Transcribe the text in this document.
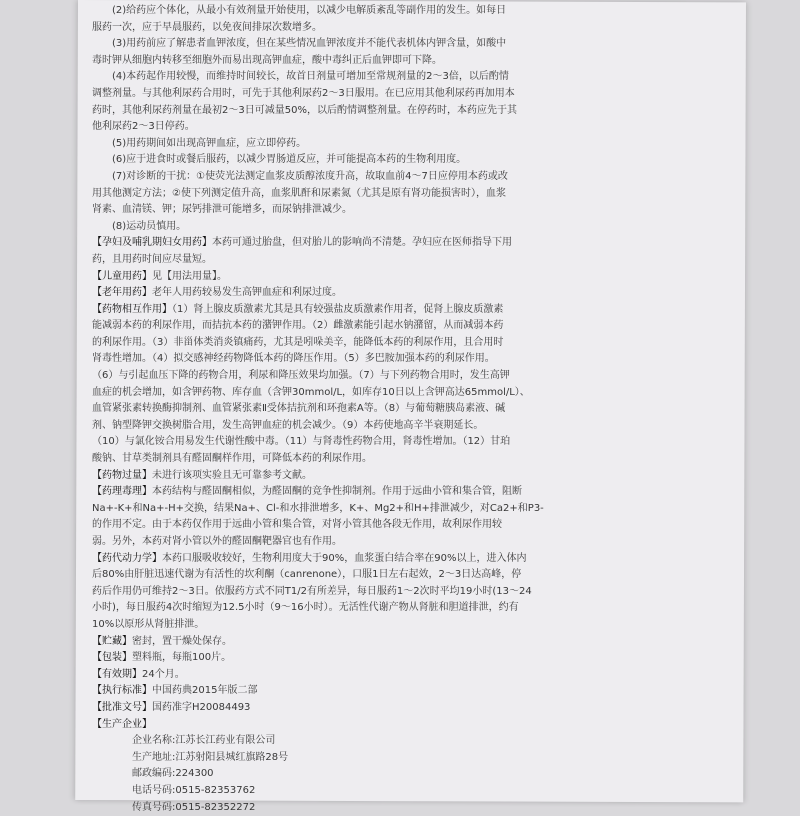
(2)给药应个体化，从最小有效剂量开始使用，以减少电解质紊乱等副作用的发生。如每日

服药一次，应于早晨服药，以免夜间排尿次数增多。

(3)用药前应了解患者血钾浓度，但在某些情况血钾浓度并不能代表机体内钾含量，如酸中

毒时钾从细胞内转移至细胞外而易出现高钾血症，酸中毒纠正后血钾即可下降。

(4)本药起作用较慢，而维持时间较长，故首日剂量可增加至常规剂量的2～3倍，以后酌情

调整剂量。与其他利尿药合用时，可先于其他利尿药2～3日服用。在已应用其他利尿药再加用本

药时，其他利尿药剂量在最初2～3日可减量50%，以后酌情调整剂量。在停药时，本药应先于其

他利尿药2～3日停药。

(5)用药期间如出现高钾血症，应立即停药。

(6)应于进食时或餐后服药，以减少胃肠道反应，并可能提高本药的生物利用度。

(7)对诊断的干扰：①使荧光法测定血浆皮质醇浓度升高，故取血前4～7日应停用本药或改

用其他测定方法；②使下列测定值升高，血浆肌酐和尿素氮（尤其是原有肾功能损害时），血浆

肾素、血清镁、钾；尿钙排泄可能增多，而尿钠排泄减少。

(8)运动员慎用。

【孕妇及哺乳期妇女用药】本药可通过胎盘，但对胎儿的影响尚不清楚。孕妇应在医师指导下用

药，且用药时间应尽量短。

【儿童用药】见【用法用量】。

【老年用药】老年人用药较易发生高钾血症和利尿过度。

【药物相互作用】（1）肾上腺皮质激素尤其是具有较强盐皮质激素作用者，促肾上腺皮质激素

能减弱本药的利尿作用，而拮抗本药的潴钾作用。（2）雌激素能引起水钠潴留，从而减弱本药

的利尿作用。（3）非甾体类消炎镇痛药，尤其是吲哚美辛，能降低本药的利尿作用，且合用时

肾毒性增加。（4）拟交感神经药物降低本药的降压作用。（5）多巴胺加强本药的利尿作用。

（6）与引起血压下降的药物合用，利尿和降压效果均加强。（7）与下列药物合用时，发生高钾

血症的机会增加，如含钾药物、库存血（含钾30mmol/L，如库存10日以上含钾高达65mmol/L）、

血管紧张素转换酶抑制剂、血管紧张素Ⅱ受体拮抗剂和环孢素A等。（8）与葡萄糖胰岛素液、碱

剂、钠型降钾交换树脂合用，发生高钾血症的机会减少。（9）本药使地高辛半衰期延长。

（10）与氯化铵合用易发生代谢性酸中毒。（11）与肾毒性药物合用，肾毒性增加。（12）甘珀

酸钠、甘草类制剂具有醛固酮样作用，可降低本药的利尿作用。

【药物过量】未进行该项实验且无可靠参考文献。

【药理毒理】本药结构与醛固酮相似，为醛固酮的竞争性抑制剂。作用于远曲小管和集合管，阻断

Na+-K+和Na+-H+交换，结果Na+、Cl-和水排泄增多，K+、Mg2+和H+排泄减少，对Ca2+和P3-

的作用不定。由于本药仅作用于远曲小管和集合管，对肾小管其他各段无作用，故利尿作用较

弱。另外，本药对肾小管以外的醛固酮靶器官也有作用。

【药代动力学】本药口服吸收较好，生物利用度大于90%，血浆蛋白结合率在90%以上，进入体内

后80%由肝脏迅速代谢为有活性的坎利酮（canrenone），口服1日左右起效，2～3日达高峰，停

药后作用仍可维持2～3日。依服药方式不同T1/2有所差异，每日服药1～2次时平均19小时(13～24

小时)，每日服药4次时缩短为12.5小时（9～16小时）。无活性代谢产物从肾脏和胆道排泄，约有

10%以原形从肾脏排泄。

【贮藏】密封，置干燥处保存。

【包装】塑料瓶，每瓶100片。

【有效期】24个月。

【执行标准】中国药典2015年版二部

【批准文号】国药准字H20084493

【生产企业】

企业名称:江苏长江药业有限公司

生产地址:江苏射阳县城红旗路28号

邮政编码:224300

电话号码:0515-82353762

传真号码:0515-82352272
